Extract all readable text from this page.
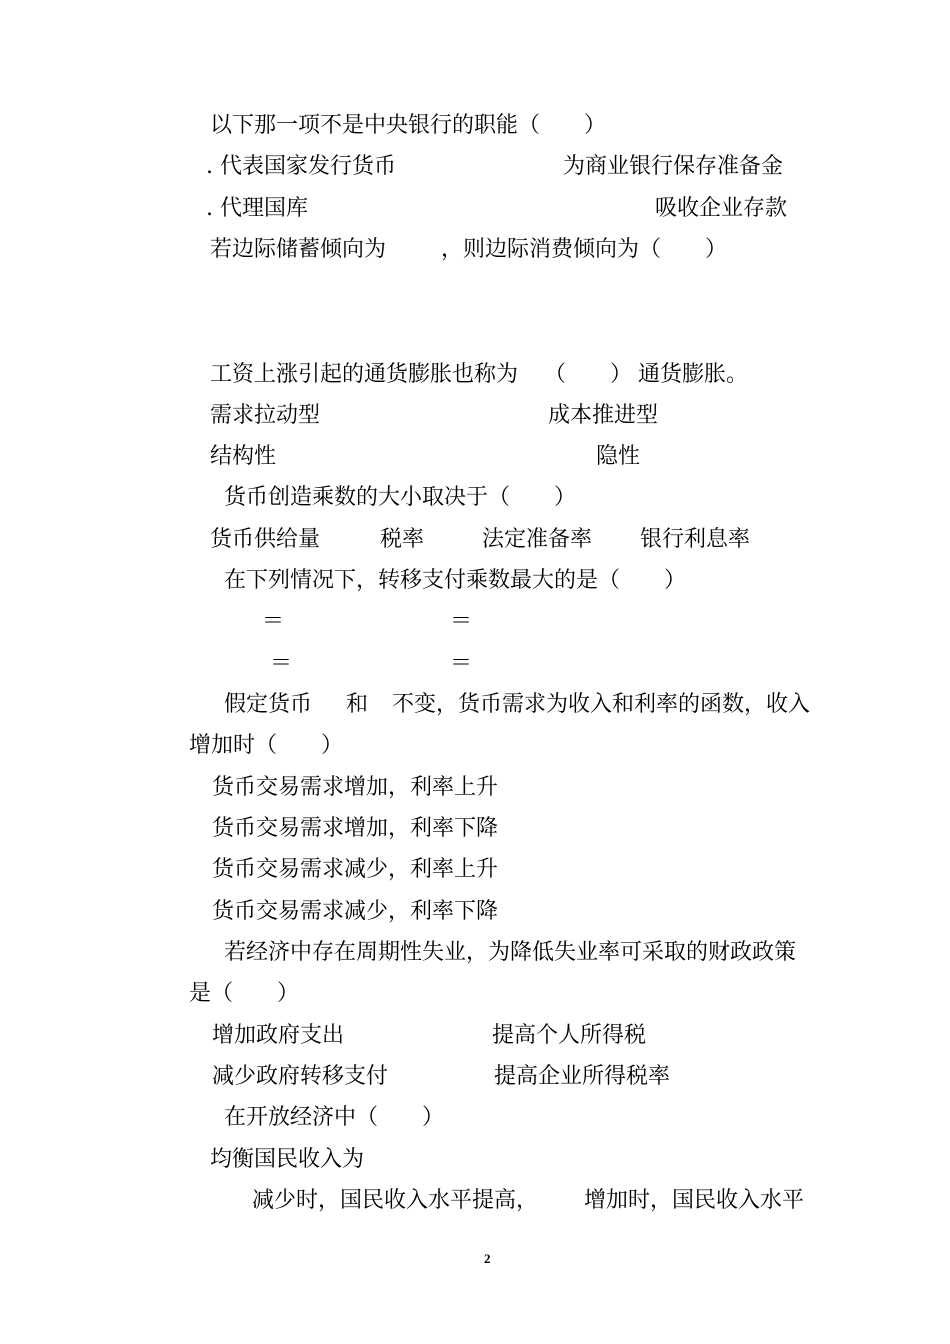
以下那一项不是中央银行的职能（　　）
. 代表国家发行货币	为商业银行保存准备金
. 代理国库	吸收企业存款
若边际储蓄倾向为 ，则边际消费倾向为（　　）
工资上涨引起的通货膨胀也称为 （　　） 通货膨胀。
需求拉动型	成本推进型
结构性	隐性
货币创造乘数的大小取决于（　　）
货币供给量	税率	法定准备率 银行利息率
在下列情况下，转移支付乘数最大的是（　　）
＝	＝
＝	＝
假定货币 和 不变，货币需求为收入和利率的函数，收入
增加时（　　）
货币交易需求增加，利率上升
货币交易需求增加，利率下降
货币交易需求减少，利率上升
货币交易需求减少，利率下降
若经济中存在周期性失业，为降低失业率可采取的财政政策
是（　　）
增加政府支出	提高个人所得税
减少政府转移支付	提高企业所得税率
在开放经济中（　　）
均衡国民收入为
减少时，国民收入水平提高， 增加时，国民收入水平
2
